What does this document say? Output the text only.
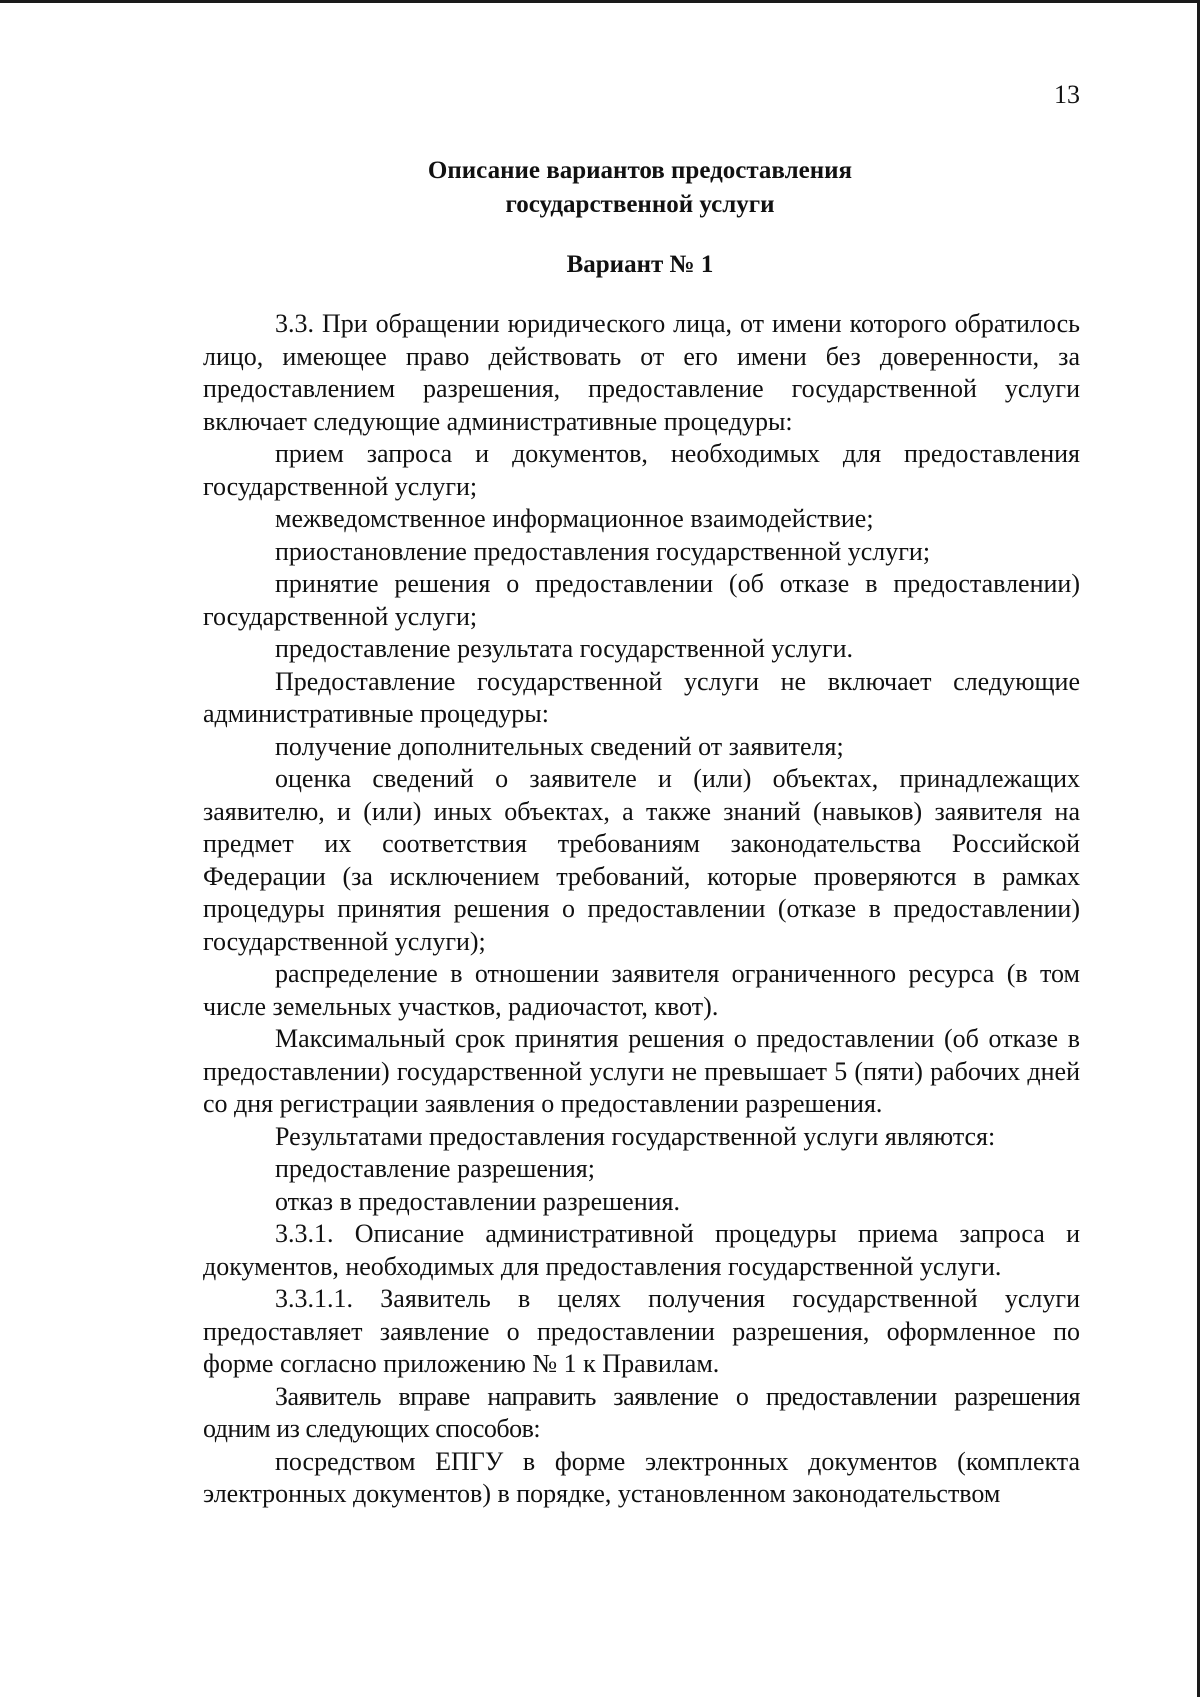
13
Описание вариантов предоставления
государственной услуги
Вариант № 1

3.3. При обращении юридического лица, от имени которого обратилось лицо, имеющее право действовать от его имени без доверенности, за предоставлением разрешения, предоставление государственной услуги включает следующие административные процедуры:

прием запроса и документов, необходимых для предоставления государственной услуги;

межведомственное информационное взаимодействие;

приостановление предоставления государственной услуги;

принятие решения о предоставлении (об отказе в предоставлении) государственной услуги;

предоставление результата государственной услуги.

Предоставление государственной услуги не включает следующие административные процедуры:

получение дополнительных сведений от заявителя;

оценка сведений о заявителе и (или) объектах, принадлежащих заявителю, и (или) иных объектах, а также знаний (навыков) заявителя на предмет их соответствия требованиям законодательства Российской Федерации (за исключением требований, которые проверяются в рамках процедуры принятия решения о предоставлении (отказе в предоставлении) государственной услуги);

распределение в отношении заявителя ограниченного ресурса (в том числе земельных участков, радиочастот, квот).

Максимальный срок принятия решения о предоставлении (об отказе в предоставлении) государственной услуги не превышает 5 (пяти) рабочих дней со дня регистрации заявления о предоставлении разрешения.

Результатами предоставления государственной услуги являются:

предоставление разрешения;

отказ в предоставлении разрешения.

3.3.1. Описание административной процедуры приема запроса и документов, необходимых для предоставления государственной услуги.

3.3.1.1. Заявитель в целях получения государственной услуги предоставляет заявление о предоставлении разрешения, оформленное по форме согласно приложению № 1 к Правилам.

Заявитель вправе направить заявление о предоставлении разрешения одним из следующих способов:

посредством ЕПГУ в форме электронных документов (комплекта электронных документов) в порядке, установленном законодательством
